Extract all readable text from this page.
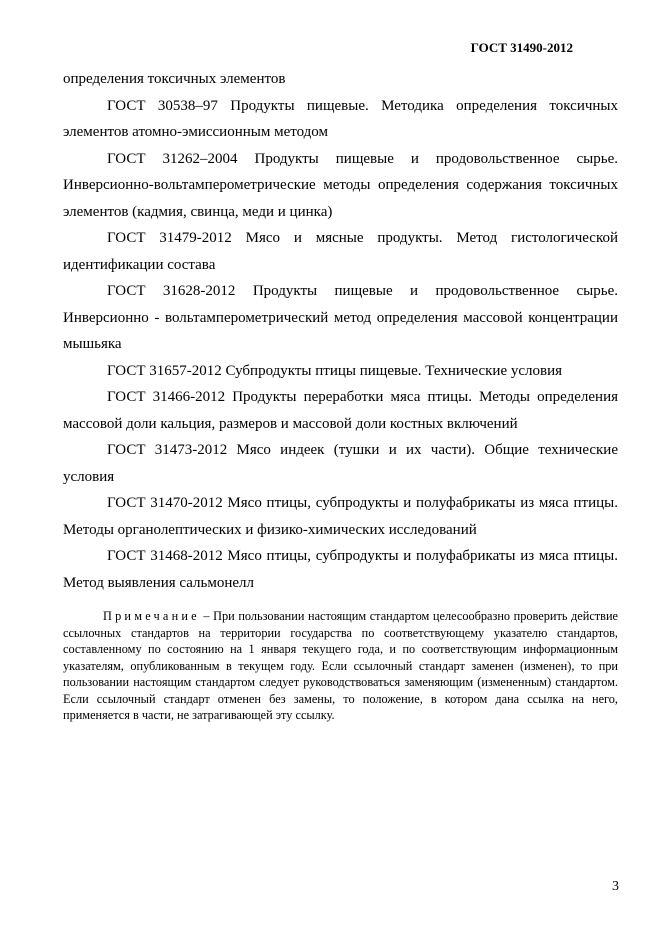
ГОСТ 31490-2012

определения токсичных элементов

ГОСТ 30538–97 Продукты пищевые. Методика определения токсичных элементов атомно-эмиссионным методом

ГОСТ 31262–2004 Продукты пищевые и продовольственное сырье. Инверсионно-вольтамперометрические методы определения содержания токсичных элементов (кадмия, свинца, меди и цинка)

ГОСТ 31479-2012 Мясо и мясные продукты. Метод гистологической идентификации состава

ГОСТ 31628-2012 Продукты пищевые и продовольственное сырье. Инверсионно - вольтамперометрический метод определения массовой концентрации мышьяка

ГОСТ 31657-2012 Субпродукты птицы пищевые. Технические условия

ГОСТ 31466-2012 Продукты переработки мяса птицы. Методы определения массовой доли кальция, размеров и массовой доли костных включений

ГОСТ 31473-2012 Мясо индеек (тушки и их части). Общие технические условия

ГОСТ 31470-2012 Мясо птицы, субпродукты и полуфабрикаты из мяса птицы. Методы органолептических и физико-химических исследований

ГОСТ 31468-2012 Мясо птицы, субпродукты и полуфабрикаты из мяса птицы. Метод выявления сальмонелл

Примечание – При пользовании настоящим стандартом целесообразно проверить действие ссылочных стандартов на территории государства по соответствующему указателю стандартов, составленному по состоянию на 1 января текущего года, и по соответствующим информационным указателям, опубликованным в текущем году. Если ссылочный стандарт заменен (изменен), то при пользовании настоящим стандартом следует руководствоваться заменяющим (измененным) стандартом. Если ссылочный стандарт отменен без замены, то положение, в котором дана ссылка на него, применяется в части, не затрагивающей эту ссылку.

3
